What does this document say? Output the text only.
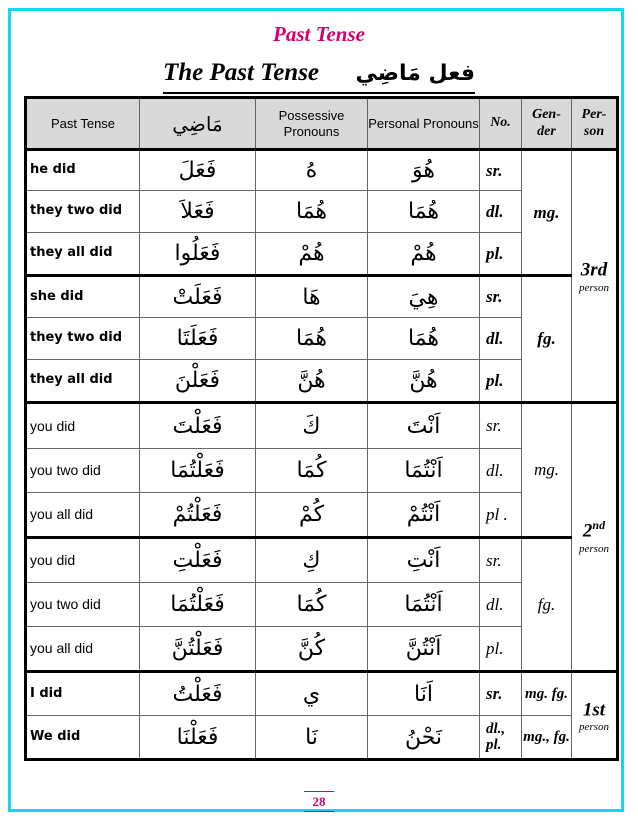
Past Tense
The Past Tense فعل مَاضِي
Past Tense	مَاضِي	Possessive Pronouns	Personal Pronouns	No.	Gen- der	Per- son
he did	فَعَلَ	هُ	هُوَ	sr.	mg.	3rd
person

they two did	فَعَلاَ	هُمَا	هُمَا	dl.		
they all did	فَعَلُوا	هُمْ	هُمْ	pl.		
she did	فَعَلَتْ	هَا	هِيَ	sr.	fg.	
they two did	فَعَلَتَا	هُمَا	هُمَا	dl.		
they all did	فَعَلْنَ	هُنَّ	هُنَّ	pl.		
you did	فَعَلْتَ	كَ	اَنْتَ	sr.	mg.	2nd
person

you two did	فَعَلْتُمَا	كُمَا	اَنْتُمَا	dl.		
you all did	فَعَلْتُمْ	كُمْ	اَنْتُمْ	pl .		
you did	فَعَلْتِ	كِ	اَنْتِ	sr.	fg.	
you two did	فَعَلْتُمَا	كُمَا	اَنْتُمَا	dl.		
you all did	فَعَلْتُنَّ	كُنَّ	اَنْتُنَّ	pl.		
I did	فَعَلْتُ	ي	اَنَا	sr.	mg. fg.	1st
person

We did	فَعَلْنَا	نَا	نَحْنُ	dl., pl.	mg., fg.	
28
